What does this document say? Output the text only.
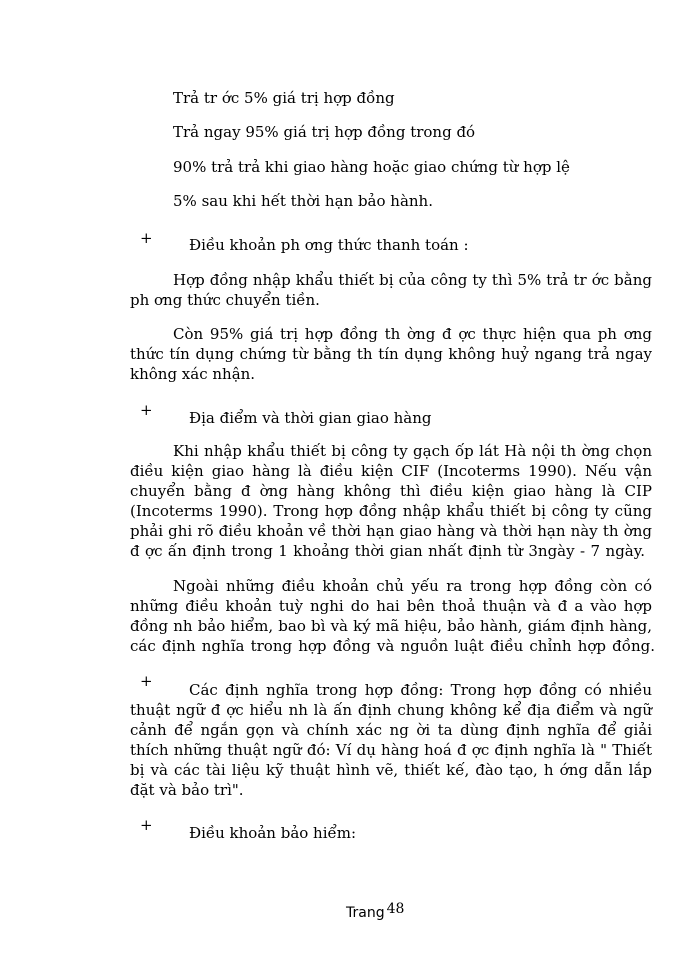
Trả tr ớc 5% giá trị hợp đồng
Trả ngay 95% giá trị hợp đồng trong đó
90% trả trả khi giao hàng hoặc giao chứng từ hợp lệ
5% sau khi hết thời hạn bảo hành.
+ Điều khoản ph ơng thức thanh toán :
Hợp đồng nhập khẩu thiết bị của công ty thì 5% trả tr ớc bằng
ph ơng thức chuyển tiền.
Còn 95% giá trị hợp đồng th ờng đ ợc thực hiện qua ph ơng
thức tín dụng chứng từ bằng th tín dụng không huỷ ngang trả ngay
không xác nhận.
+ Địa điểm và thời gian giao hàng
Khi nhập khẩu thiết bị công ty gạch ốp lát Hà nội th ờng chọn
điều kiện giao hàng là điều kiện CIF (Incoterms 1990). Nếu vận
chuyển bằng đ ờng hàng không thì điều kiện giao hàng là CIP
(Incoterms 1990). Trong hợp đồng nhập khẩu thiết bị công ty cũng
phải ghi rõ điều khoản về thời hạn giao hàng và thời hạn này th ờng
đ ợc ấn định trong 1 khoảng thời gian nhất định từ 3ngày - 7 ngày.
Ngoài những điều khoản chủ yếu ra trong hợp đồng còn có
những điều khoản tuỳ nghi do hai bên thoả thuận và đ a vào hợp
đồng nh bảo hiểm, bao bì và ký mã hiệu, bảo hành, giám định hàng,
các định nghĩa trong hợp đồng và nguồn luật điều chỉnh hợp đồng.
+	Các định nghĩa trong hợp đồng: Trong hợp đồng có nhiều
thuật ngữ đ ợc hiểu nh là ấn định chung không kể địa điểm và ngữ
cảnh để ngắn gọn và chính xác ng ời ta dùng định nghĩa để giải
thích những thuật ngữ đó: Ví dụ hàng hoá đ ợc định nghĩa là " Thiết
bị và các tài liệu kỹ thuật hình vẽ, thiết kế, đào tạo, h ớng dẫn lắp
đặt và bảo trì".
+ Điều khoản bảo hiểm:
Trang 48
